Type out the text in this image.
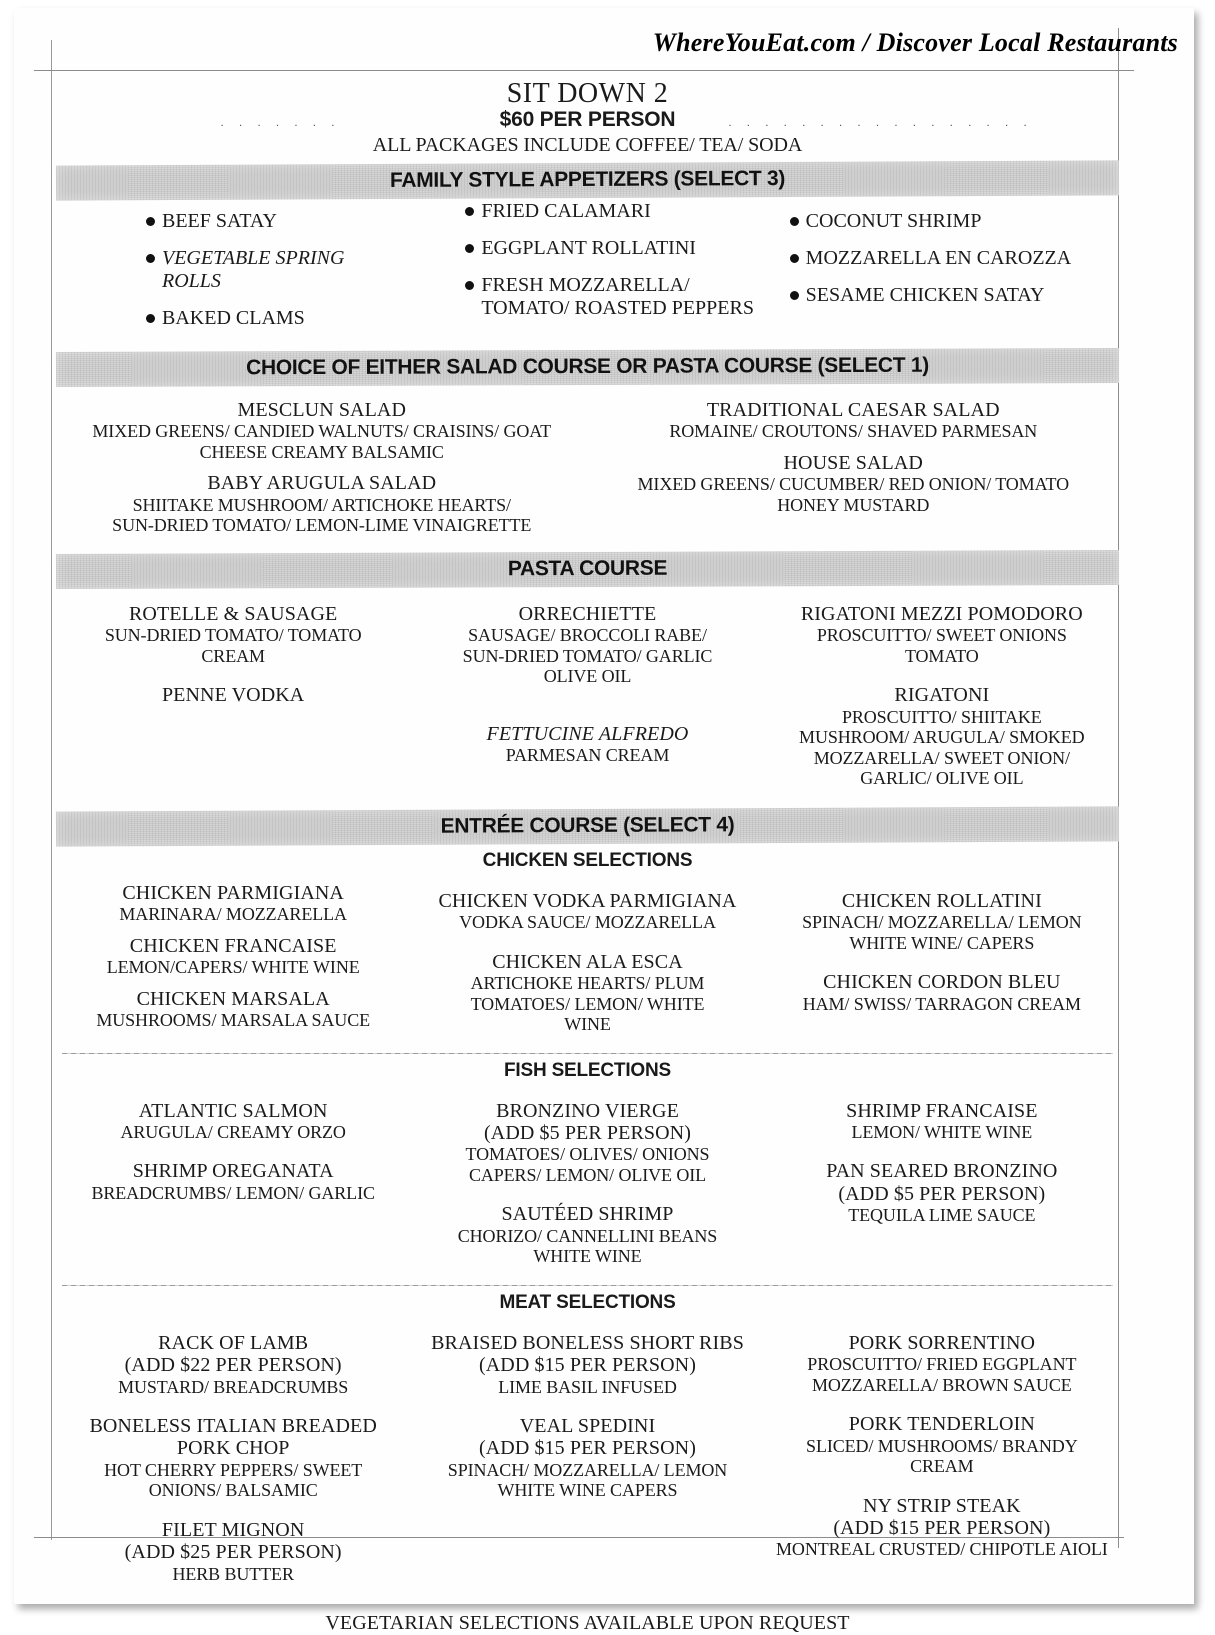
WhereYouEat.com / Discover Local Restaurants
SIT DOWN 2
. . . . . . .	$60 PER PERSON	. . . . . . . . . . . . . . . . .
ALL PACKAGES INCLUDE COFFEE/ TEA/ SODA
FAMILY STYLE APPETIZERS (SELECT 3)
BEEF SATAY
VEGETABLE SPRING ROLLS
BAKED CLAMS
FRIED CALAMARI
EGGPLANT ROLLATINI
FRESH MOZZARELLA/ TOMATO/ ROASTED PEPPERS
COCONUT SHRIMP
MOZZARELLA EN CAROZZA
SESAME CHICKEN SATAY
CHOICE OF EITHER SALAD COURSE OR PASTA COURSE (SELECT 1)
MESCLUN SALAD
MIXED GREENS/ CANDIED WALNUTS/ CRAISINS/ GOAT
CHEESE CREAMY BALSAMIC
BABY ARUGULA SALAD
SHIITAKE MUSHROOM/ ARTICHOKE HEARTS/
SUN-DRIED TOMATO/ LEMON-LIME VINAIGRETTE
TRADITIONAL CAESAR SALAD
ROMAINE/ CROUTONS/ SHAVED PARMESAN
HOUSE SALAD
MIXED GREENS/ CUCUMBER/ RED ONION/ TOMATO
HONEY MUSTARD
PASTA COURSE
ROTELLE & SAUSAGE
SUN-DRIED TOMATO/ TOMATO
CREAM
PENNE VODKA
ORRECHIETTE
SAUSAGE/ BROCCOLI RABE/
SUN-DRIED TOMATO/ GARLIC
OLIVE OIL
FETTUCINE ALFREDO
PARMESAN CREAM
RIGATONI MEZZI POMODORO
PROSCUITTO/ SWEET ONIONS
TOMATO
RIGATONI
PROSCUITTO/ SHIITAKE
MUSHROOM/ ARUGULA/ SMOKED
MOZZARELLA/ SWEET ONION/
GARLIC/ OLIVE OIL
ENTRÉE COURSE (SELECT 4)
CHICKEN SELECTIONS
CHICKEN PARMIGIANA
MARINARA/ MOZZARELLA
CHICKEN FRANCAISE
LEMON/CAPERS/ WHITE WINE
CHICKEN MARSALA
MUSHROOMS/ MARSALA SAUCE
CHICKEN VODKA PARMIGIANA
VODKA SAUCE/ MOZZARELLA
CHICKEN ALA ESCA
ARTICHOKE HEARTS/ PLUM
TOMATOES/ LEMON/ WHITE
WINE
CHICKEN ROLLATINI
SPINACH/ MOZZARELLA/ LEMON
WHITE WINE/ CAPERS
CHICKEN CORDON BLEU
HAM/ SWISS/ TARRAGON CREAM
FISH SELECTIONS
ATLANTIC SALMON
ARUGULA/ CREAMY ORZO
SHRIMP OREGANATA
BREADCRUMBS/ LEMON/ GARLIC
BRONZINO VIERGE
(ADD $5 PER PERSON)
TOMATOES/ OLIVES/ ONIONS
CAPERS/ LEMON/ OLIVE OIL
SAUTÉED SHRIMP
CHORIZO/ CANNELLINI BEANS
WHITE WINE
SHRIMP FRANCAISE
LEMON/ WHITE WINE
PAN SEARED BRONZINO
(ADD $5 PER PERSON)
TEQUILA LIME SAUCE
MEAT SELECTIONS
RACK OF LAMB
(ADD $22 PER PERSON)
MUSTARD/ BREADCRUMBS
BONELESS ITALIAN BREADED
PORK CHOP
HOT CHERRY PEPPERS/ SWEET
ONIONS/ BALSAMIC
FILET MIGNON
(ADD $25 PER PERSON)
HERB BUTTER
BRAISED BONELESS SHORT RIBS
(ADD $15 PER PERSON)
LIME BASIL INFUSED
VEAL SPEDINI
(ADD $15 PER PERSON)
SPINACH/ MOZZARELLA/ LEMON
WHITE WINE CAPERS
PORK SORRENTINO
PROSCUITTO/ FRIED EGGPLANT
MOZZARELLA/ BROWN SAUCE
PORK TENDERLOIN
SLICED/ MUSHROOMS/ BRANDY
CREAM
NY STRIP STEAK
(ADD $15 PER PERSON)
MONTREAL CRUSTED/ CHIPOTLE AIOLI
VEGETARIAN SELECTIONS AVAILABLE UPON REQUEST
